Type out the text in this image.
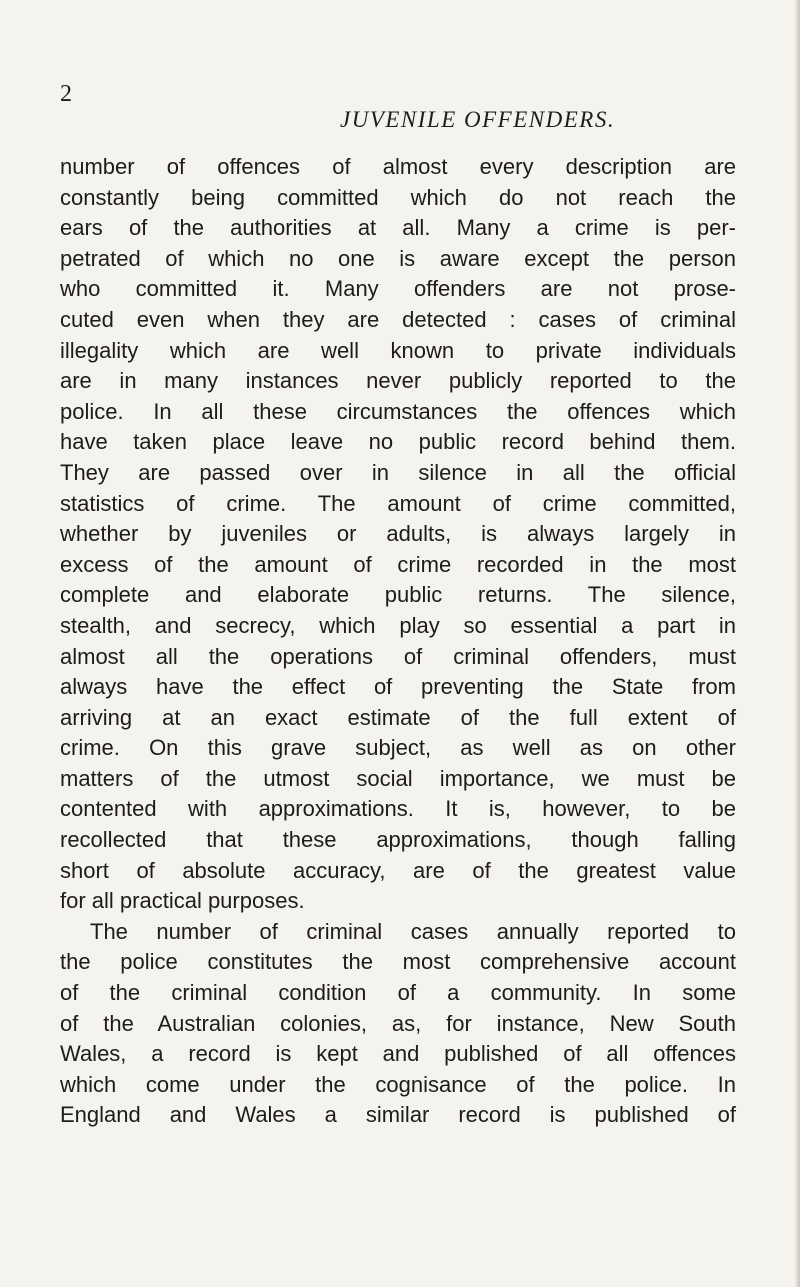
2
JUVENILE OFFENDERS.
number of offences of almost every description are
constantly being committed which do not reach the
ears of the authorities at all. Many a crime is per-
petrated of which no one is aware except the person
who committed it. Many offenders are not prose-
cuted even when they are detected : cases of criminal
illegality which are well known to private individuals
are in many instances never publicly reported to the
police. In all these circumstances the offences which
have taken place leave no public record behind them.
They are passed over in silence in all the official
statistics of crime. The amount of crime committed,
whether by juveniles or adults, is always largely in
excess of the amount of crime recorded in the most
complete and elaborate public returns. The silence,
stealth, and secrecy, which play so essential a part in
almost all the operations of criminal offenders, must
always have the effect of preventing the State from
arriving at an exact estimate of the full extent of
crime. On this grave subject, as well as on other
matters of the utmost social importance, we must be
contented with approximations. It is, however, to be
recollected that these approximations, though falling
short of absolute accuracy, are of the greatest value
for all practical purposes.
The number of criminal cases annually reported to
the police constitutes the most comprehensive account
of the criminal condition of a community. In some
of the Australian colonies, as, for instance, New South
Wales, a record is kept and published of all offences
which come under the cognisance of the police. In
England and Wales a similar record is published of
